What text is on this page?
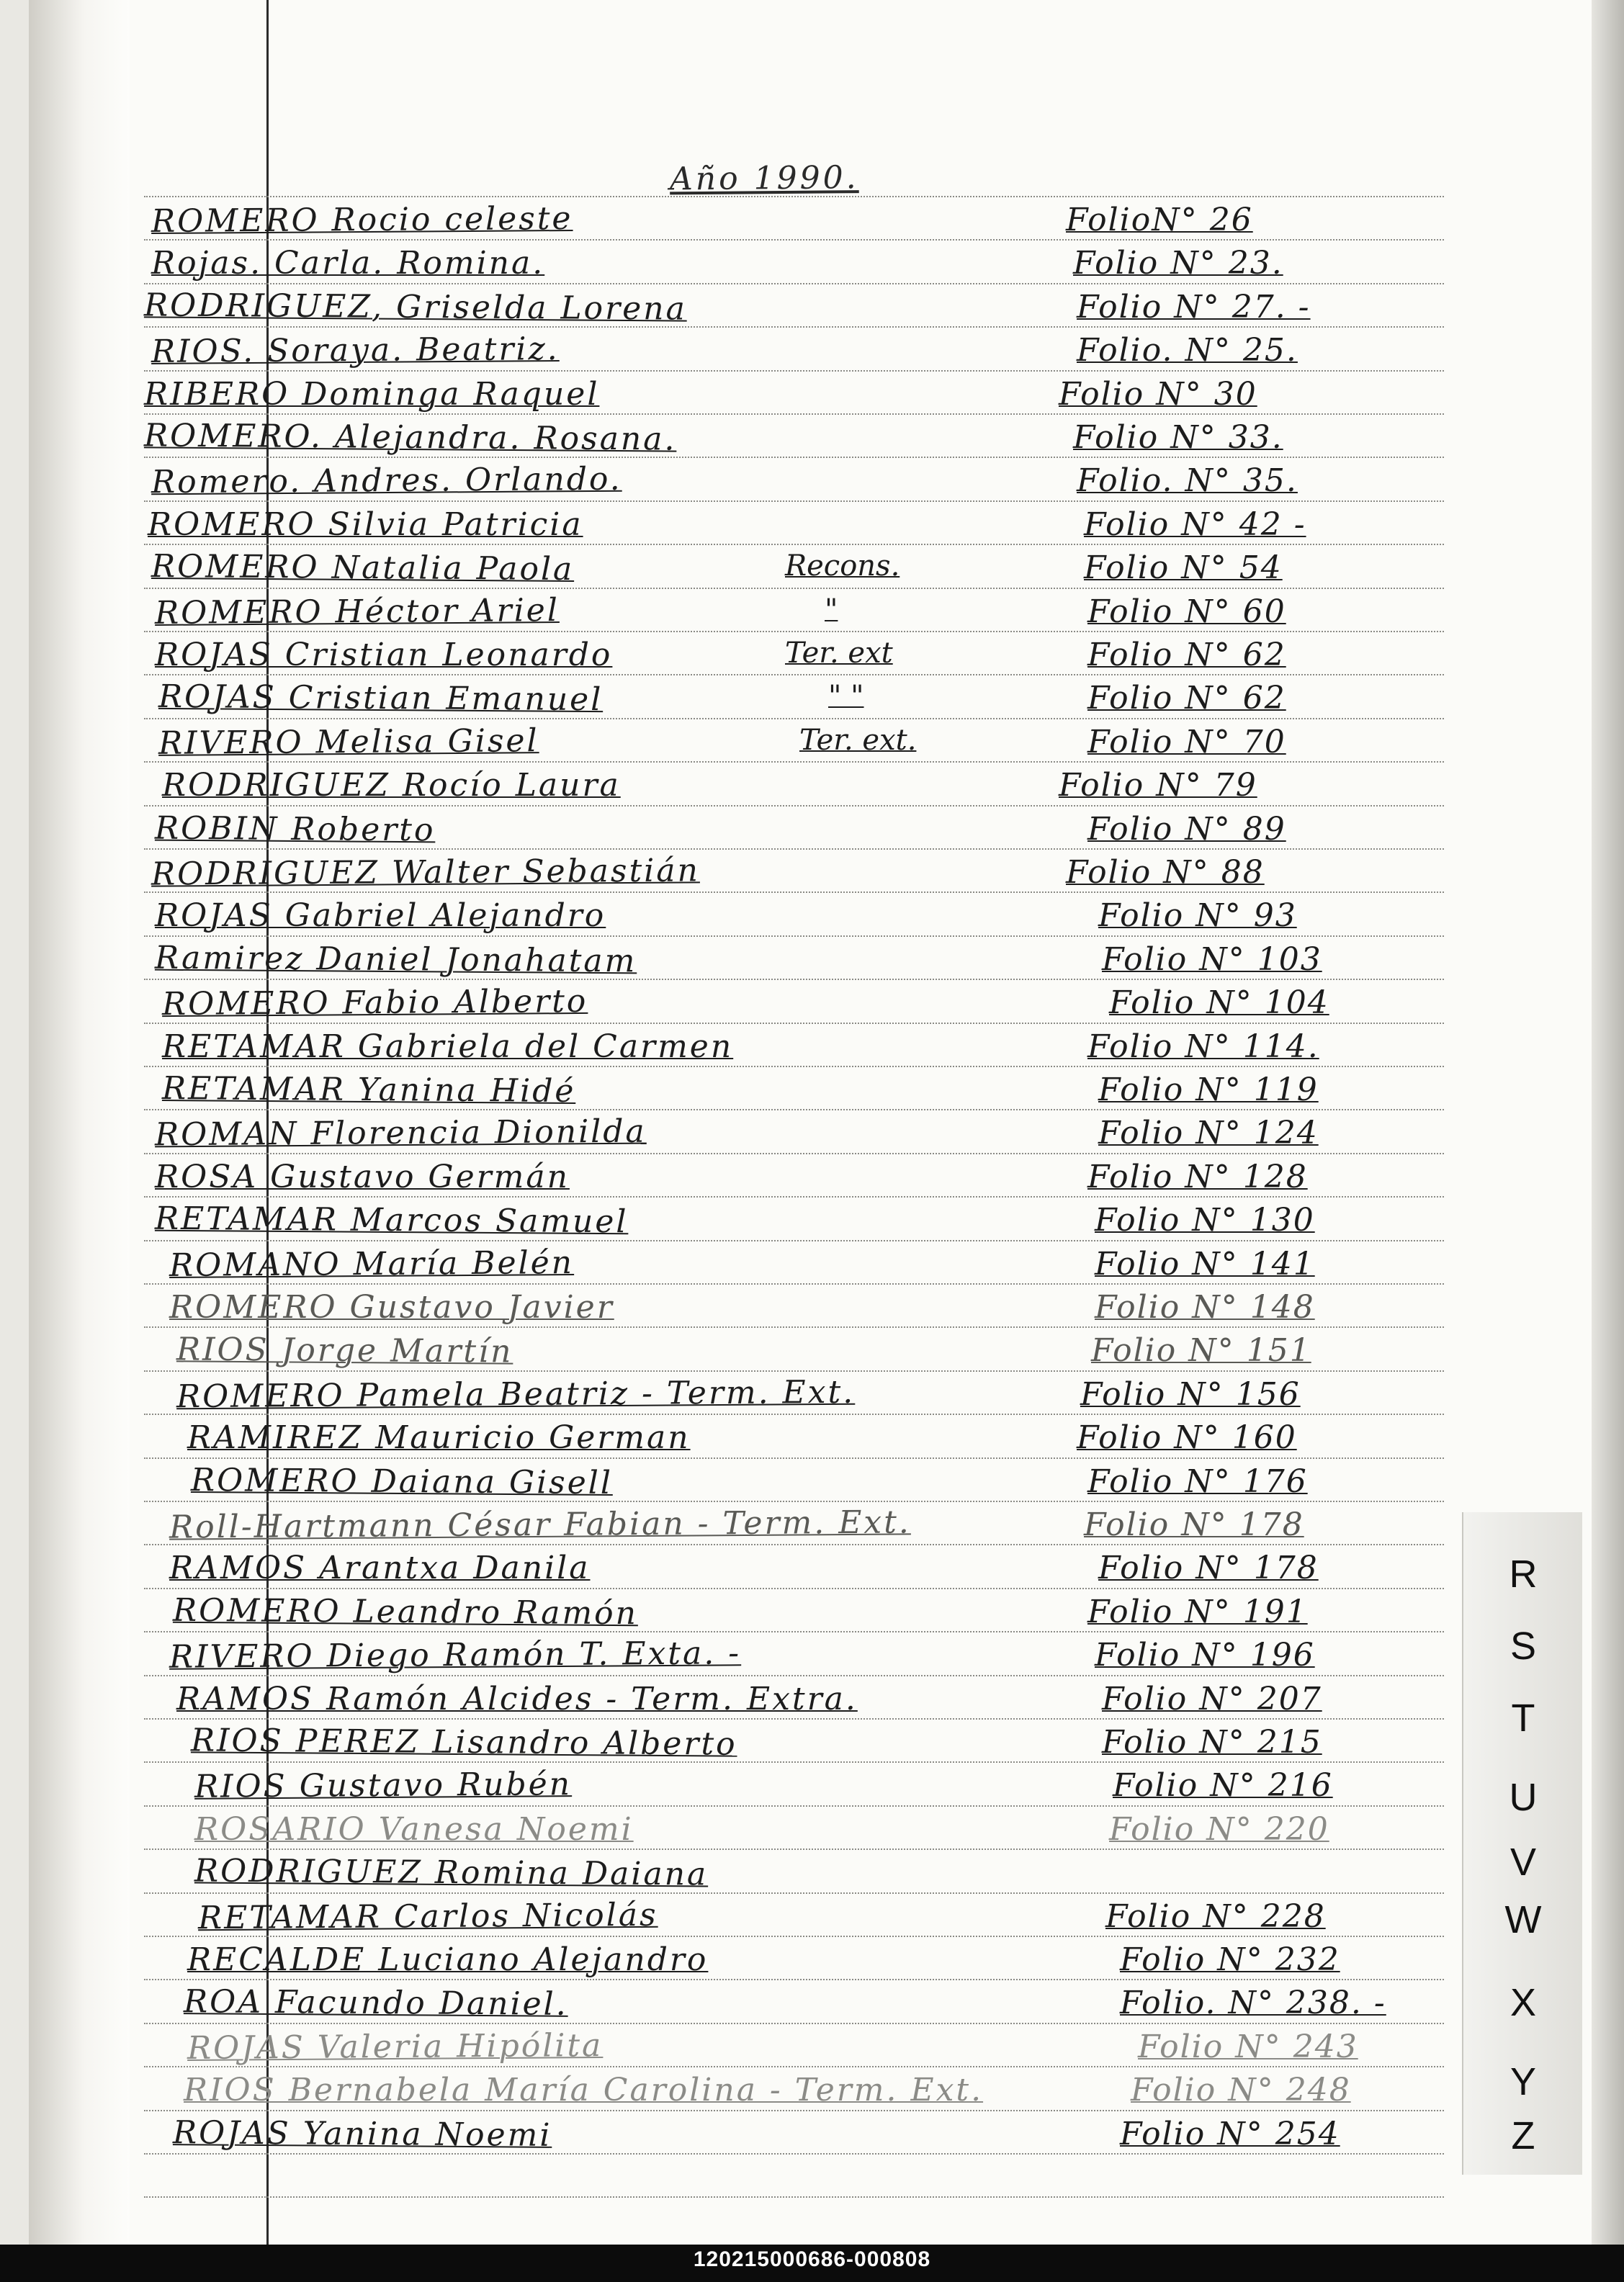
Año 1990.
ROMERO Rocio celeste	FolioN° 26
Rojas. Carla. Romina.	Folio N° 23.
RODRIGUEZ, Griselda Lorena	Folio N° 27. -
RIOS. Soraya. Beatriz.	Folio. N° 25.
RIBERO Dominga Raquel	Folio N° 30
ROMERO. Alejandra. Rosana.	Folio N° 33.
Romero. Andres. Orlando.	Folio. N° 35.
ROMERO Silvia Patricia	Folio N° 42 -
ROMERO Natalia Paola	Recons.	Folio N° 54
ROMERO Héctor Ariel	"	Folio N° 60
ROJAS Cristian Leonardo	Ter. ext	Folio N° 62
ROJAS Cristian Emanuel	" "	Folio N° 62
RIVERO Melisa Gisel	Ter. ext.	Folio N° 70
RODRIGUEZ Rocío Laura	Folio N° 79
ROBIN Roberto	Folio N° 89
RODRIGUEZ Walter Sebastián	Folio N° 88
ROJAS Gabriel Alejandro	Folio N° 93
Ramirez Daniel Jonahatam	Folio N° 103
ROMERO Fabio Alberto	Folio N° 104
RETAMAR Gabriela del Carmen	Folio N° 114.
RETAMAR Yanina Hidé	Folio N° 119
ROMAN Florencia Dionilda	Folio N° 124
ROSA Gustavo Germán	Folio N° 128
RETAMAR Marcos Samuel	Folio N° 130
ROMANO María Belén	Folio N° 141
ROMERO Gustavo Javier	Folio N° 148
RIOS Jorge Martín	Folio N° 151
ROMERO Pamela Beatriz - Term. Ext.	Folio N° 156
RAMIREZ Mauricio German	Folio N° 160
ROMERO Daiana Gisell	Folio N° 176
Roll-Hartmann César Fabian - Term. Ext.	Folio N° 178
RAMOS Arantxa Danila	Folio N° 178
ROMERO Leandro Ramón	Folio N° 191
RIVERO Diego Ramón T. Exta. -	Folio N° 196
RAMOS Ramón Alcides - Term. Extra.	Folio N° 207
RIOS PEREZ Lisandro Alberto	Folio N° 215
RIOS Gustavo Rubén	Folio N° 216
ROSARIO Vanesa Noemi	Folio N° 220
RODRIGUEZ Romina Daiana
RETAMAR Carlos Nicolás	Folio N° 228
RECALDE Luciano Alejandro	Folio N° 232
ROA Facundo Daniel.	Folio. N° 238. -
ROJAS Valeria Hipólita	Folio N° 243
RIOS Bernabela María Carolina - Term. Ext.	Folio N° 248
ROJAS Yanina Noemi	Folio N° 254
R
S
T
U
V
W
X
Y
Z
120215000686-000808
